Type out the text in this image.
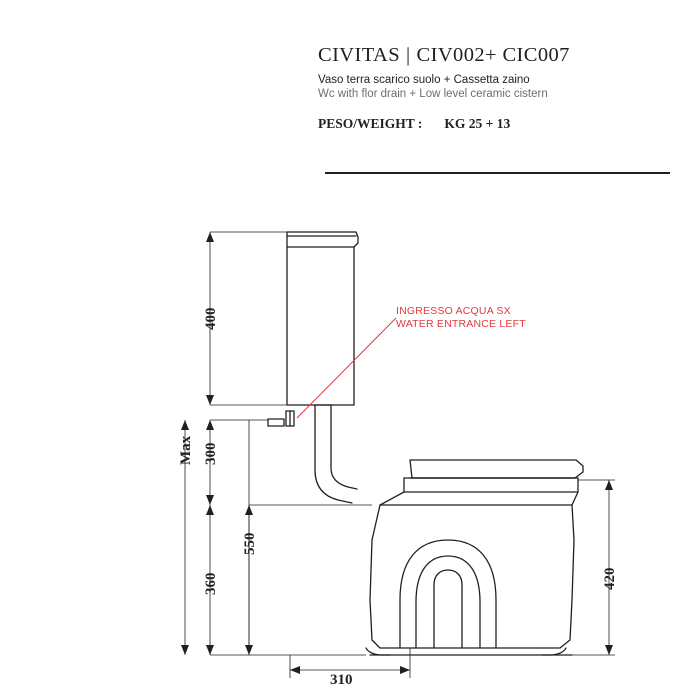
CIVITAS | CIV002+ CIC007
Vaso terra scarico suolo + Cassetta zaino
Wc with flor drain + Low level ceramic cistern
PESO/WEIGHT : KG 25 + 13
400
Max 300
550
360	420
310
INGRESSO ACQUA SX
WATER ENTRANCE LEFT
